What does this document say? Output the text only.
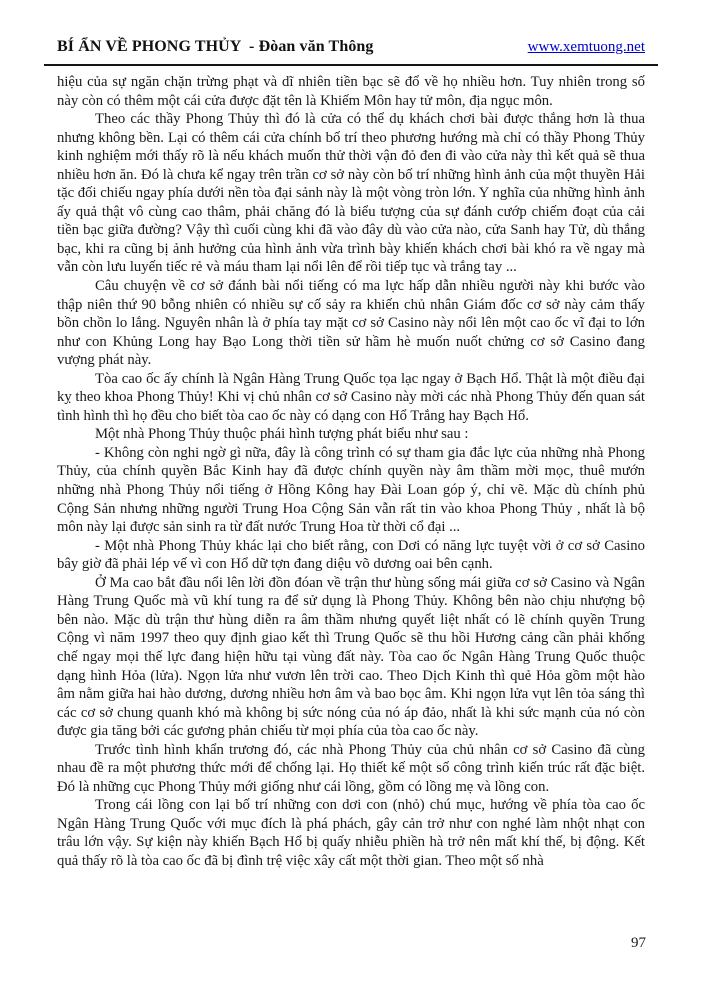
BÍ ẨN VỀ PHONG THỦY  - Đòan văn Thông	www.xemtuong.net

hiệu của sự ngăn chặn trừng phạt và dĩ nhiên tiền bạc sẽ đổ về họ nhiều hơn. Tuy nhiên trong số này còn có thêm một cái cửa được đặt tên là Khiếm Môn hay tử môn, địa ngục môn.

Theo các thầy Phong Thủy thì đó là cửa có thể dụ khách chơi bài được thắng hơn là thua nhưng không bền. Lại có thêm cái cửa chính bố trí theo phương hướng mà chỉ có thầy Phong Thủy kinh nghiệm mới thấy rõ là nếu khách muốn thử thời vận đỏ đen đi vào cửa này thì kết quả sẽ thua nhiều hơn ăn. Đó là chưa kể ngay trên trần cơ sở này còn bố trí những hình ảnh của một thuyền Hải tặc đối chiếu ngay phía dưới nền tòa đại sảnh này là một vòng tròn lớn. Y nghĩa của những hình ảnh ấy quả thật vô cùng cao thâm, phải chăng đó là biểu tượng của sự đánh cướp chiếm đoạt của cải tiền bạc giữa đường? Vậy thì cuối cùng khi đã vào đây dù vào cửa nào, cửa Sanh hay Tử, dù thắng bạc, khi ra cũng bị ảnh hưởng của hình ảnh vừa trình bày khiến khách chơi bài khó ra về ngay mà vẫn còn lưu luyến tiếc rẻ và máu tham lại nổi lên để rồi tiếp tục và trắng tay ...

Câu chuyện về cơ sở đánh bài nổi tiếng có ma lực hấp dẫn nhiều người này khi bước vào thập niên thứ 90 bỗng nhiên có nhiều sự cố sảy ra khiến chủ nhân Giám đốc cơ sở này cảm thấy bồn chồn lo lắng. Nguyên nhân là ở phía tay mặt cơ sở Casino này nổi lên một cao ốc vĩ đại to lớn như con Khủng Long hay Bạo Long thời tiền sử hầm hè muốn nuốt chửng cơ sở Casino đang vượng phát này.

Tòa cao ốc ấy chính là Ngân Hàng Trung Quốc tọa lạc ngay ở Bạch Hổ. Thật là một điều đại kỵ theo khoa Phong Thủy! Khi vị chủ nhân cơ sở Casino này mời các nhà Phong Thủy đến quan sát tình hình thì họ đều cho biết tòa cao ốc này có dạng con Hổ Trắng hay Bạch Hổ.

Một nhà Phong Thủy thuộc phái hình tượng phát biểu như sau :

- Không còn nghi ngờ gì nữa, đây là công trình có sự tham gia đắc lực của những nhà Phong Thủy, của chính quyền Bắc Kinh hay đã được chính quyền này âm thầm mời mọc, thuê mướn những nhà Phong Thủy nổi tiếng ở Hồng Kông hay Đài Loan góp ý, chỉ vẽ. Mặc dù chính phủ Cộng Sản nhưng những người Trung Hoa Cộng Sản vẫn rất tin vào khoa Phong Thủy , nhất là bộ môn này lại được sản sinh ra từ đất nước Trung Hoa từ thời cổ đại ...

- Một nhà Phong Thủy khác lại cho biết rằng, con Dơi có năng lực tuyệt vời ở cơ sở Casino bây giờ đã phải lép vế vì con Hổ dữ tợn đang diệu võ dương oai bên cạnh.

Ở Ma cao bắt đầu nổi lên lời đồn đóan về trận thư hùng sống mái giữa cơ sở Casino và Ngân Hàng Trung Quốc mà vũ khí tung ra để sử dụng là Phong Thủy. Không bên nào chịu nhượng bộ bên nào. Mặc dù trận thư hùng diễn ra âm thầm nhưng quyết liệt nhất có lẽ chính quyền Trung Cộng vì năm 1997 theo quy định giao kết thì Trung Quốc sẽ thu hồi Hương cảng cần phải khống chế ngay mọi thế lực đang hiện hữu tại vùng đất này. Tòa cao ốc Ngân Hàng Trung Quốc thuộc dạng hình Hỏa (lửa). Ngọn lửa như vươn lên trời cao. Theo Dịch Kinh thì quẻ Hỏa gồm một hào âm nằm giữa hai hào dương, dương nhiều hơn âm và bao bọc âm. Khi ngọn lửa vụt lên tỏa sáng thì các cơ sở chung quanh khó mà không bị sức nóng của nó áp đảo, nhất là khi sức mạnh của nó còn được gia tăng bởi các gương phản chiếu từ mọi phía của tòa cao ốc này.

Trước tình hình khẩn trương đó, các nhà Phong Thủy của chủ nhân cơ sở Casino đã cùng nhau đề ra một phương thức mới để chống lại. Họ thiết kế một số công trình kiến trúc rất đặc biệt. Đó là những cục Phong Thủy mới giống như cái lồng, gồm có lồng mẹ và lồng con.

Trong cái lồng con lại bố trí những con dơi con (nhỏ) chú mục, hướng về phía tòa cao ốc Ngân Hàng Trung Quốc với mục đích là phá phách, gây cản trở như con nghé làm nhột nhạt con trâu lớn vậy. Sự kiện này khiến Bạch Hổ bị quấy nhiễu phiền hà trở nên mất khí thế, bị động. Kết quả thấy rõ là tòa cao ốc đã bị đình trệ việc xây cất một thời gian. Theo một số nhà

97
